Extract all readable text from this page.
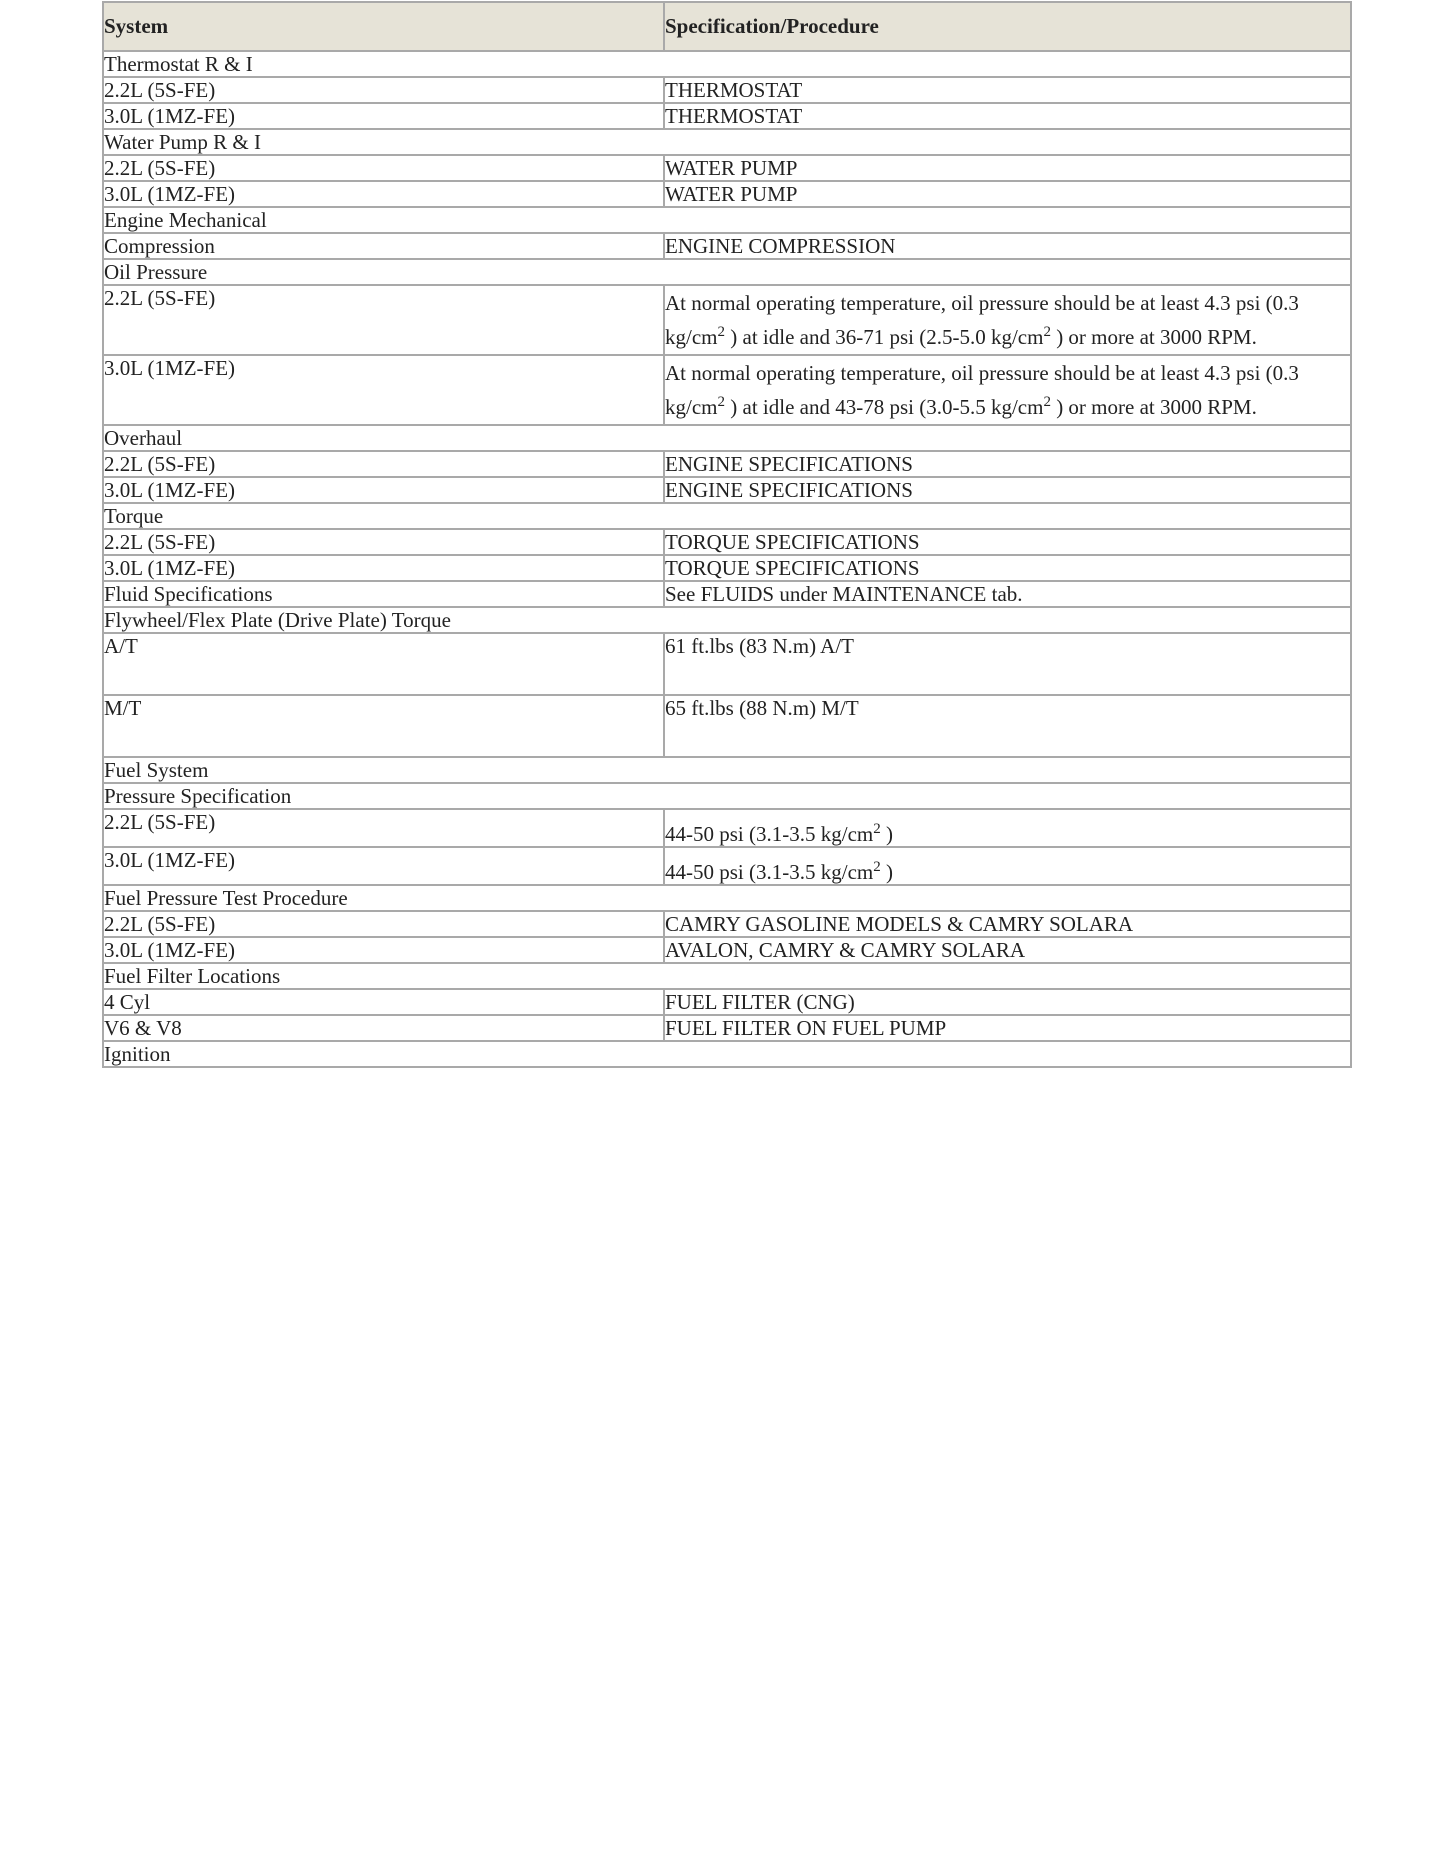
System	Specification/Procedure
Thermostat R & I	
2.2L (5S-FE)	THERMOSTAT
3.0L (1MZ-FE)	THERMOSTAT
Water Pump R & I	
2.2L (5S-FE)	WATER PUMP
3.0L (1MZ-FE)	WATER PUMP
Engine Mechanical	
Compression	ENGINE COMPRESSION
Oil Pressure	
2.2L (5S-FE)	At normal operating temperature, oil pressure should be at least 4.3 psi (0.3 $kg/cm^2$ ) at idle and 36-71 psi (2.5-5.0 $kg/cm^2$ ) or more at 3000 RPM.
3.0L (1MZ-FE)	At normal operating temperature, oil pressure should be at least 4.3 psi (0.3 $kg/cm^2$ ) at idle and 43-78 psi (3.0-5.5 $kg/cm^2$ ) or more at 3000 RPM.
Overhaul	
2.2L (5S-FE)	ENGINE SPECIFICATIONS
3.0L (1MZ-FE)	ENGINE SPECIFICATIONS
Torque	
2.2L (5S-FE)	TORQUE SPECIFICATIONS
3.0L (1MZ-FE)	TORQUE SPECIFICATIONS
Fluid Specifications	See FLUIDS under MAINTENANCE tab.
Flywheel/Flex Plate (Drive Plate) Torque	
A/T	61 ft.lbs (83 N.m) A/T
M/T	65 ft.lbs (88 N.m) M/T
Fuel System	
Pressure Specification	
2.2L (5S-FE)	44-50 psi (3.1-3.5 $kg/cm^2$ )
3.0L (1MZ-FE)	44-50 psi (3.1-3.5 $kg/cm^2$ )
Fuel Pressure Test Procedure	
2.2L (5S-FE)	CAMRY GASOLINE MODELS & CAMRY SOLARA
3.0L (1MZ-FE)	AVALON, CAMRY & CAMRY SOLARA
Fuel Filter Locations	
4 Cyl	FUEL FILTER (CNG)
V6 & V8	FUEL FILTER ON FUEL PUMP
Ignition	
